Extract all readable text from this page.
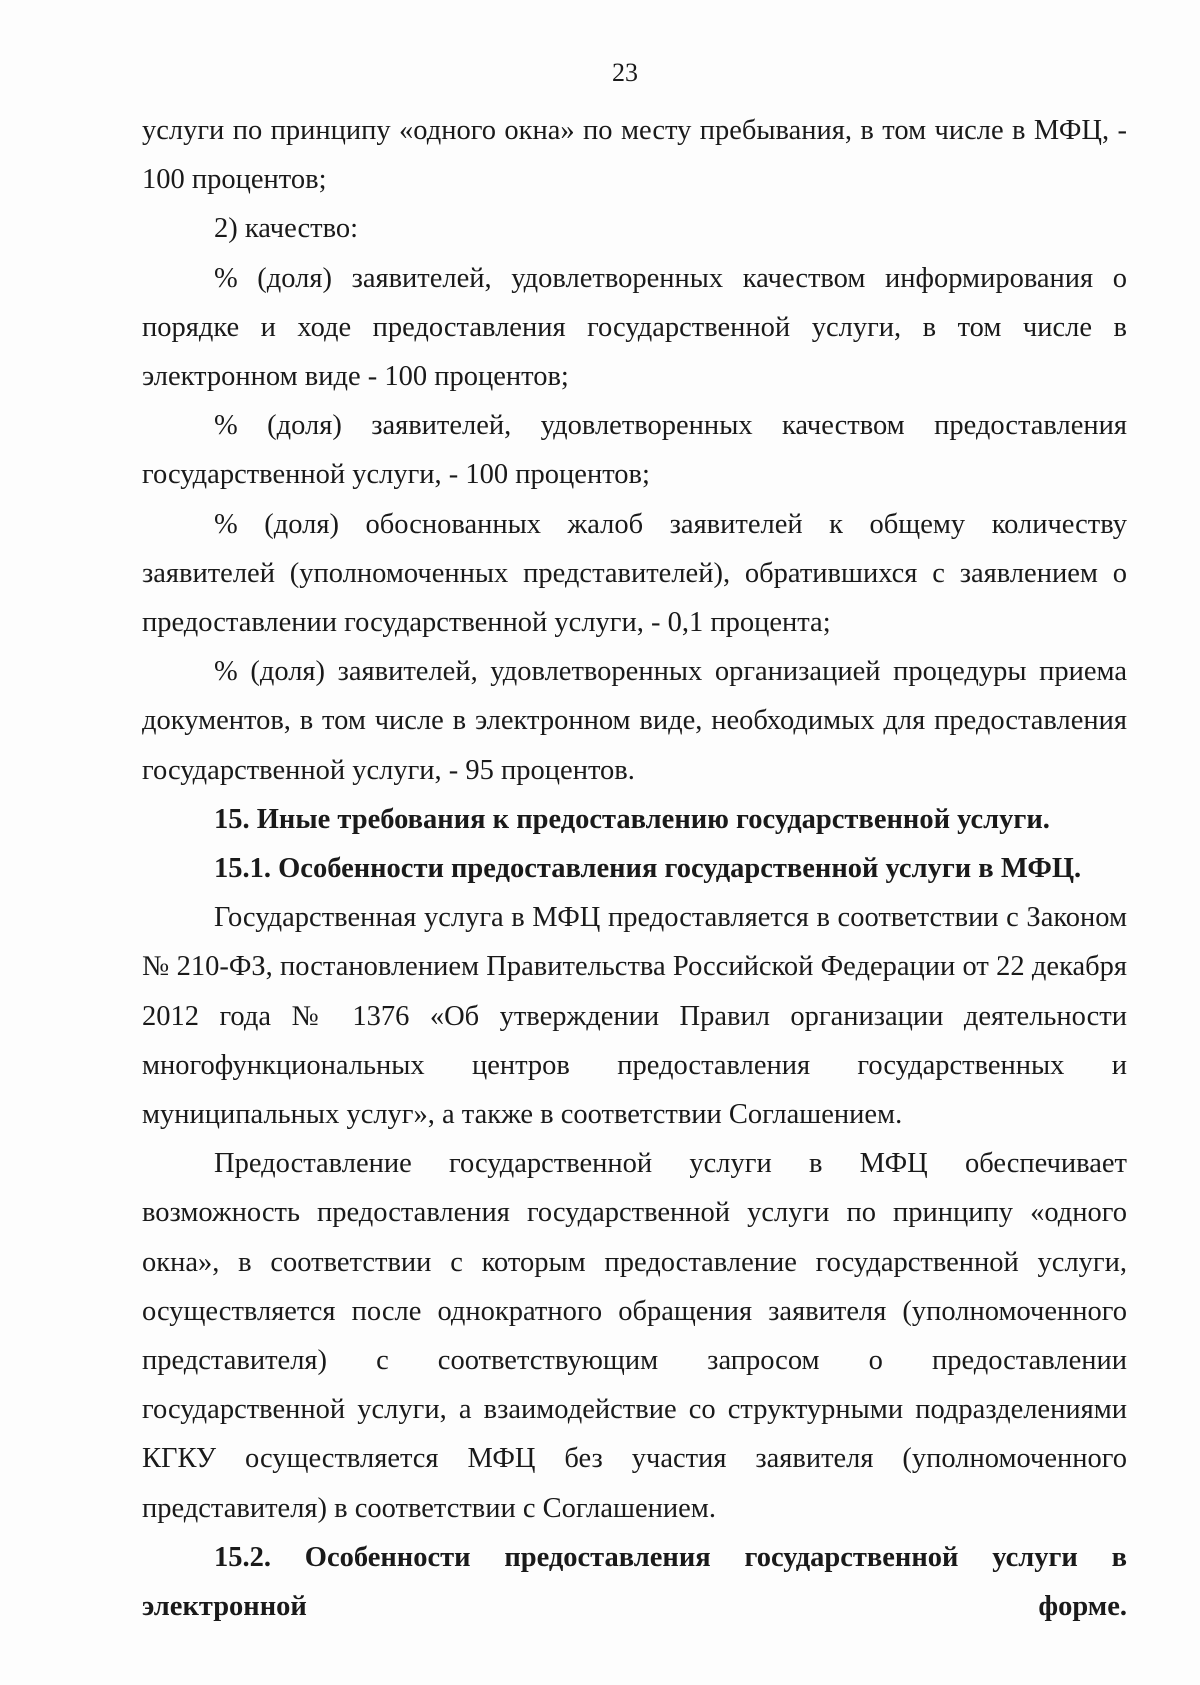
23

услуги по принципу «одного окна» по месту пребывания, в том числе в МФЦ, - 100 процентов;

2) качество:

% (доля) заявителей, удовлетворенных качеством информирования о порядке и ходе предоставления государственной услуги, в том числе в электронном виде - 100 процентов;

% (доля) заявителей, удовлетворенных качеством предоставления государственной услуги, - 100 процентов;

% (доля) обоснованных жалоб заявителей к общему количеству заявителей (уполномоченных представителей), обратившихся с заявлением о предоставлении государственной услуги, - 0,1 процента;

% (доля) заявителей, удовлетворенных организацией процедуры приема документов, в том числе в электронном виде, необходимых для предоставления государственной услуги, - 95 процентов.

15. Иные требования к предоставлению государственной услуги.

15.1. Особенности предоставления государственной услуги в МФЦ.

Государственная услуга в МФЦ предоставляется в соответствии с Законом № 210-ФЗ, постановлением Правительства Российской Федерации от 22 декабря 2012 года № 1376 «Об утверждении Правил организации деятельности многофункциональных центров предоставления государственных и муниципальных услуг», а также в соответствии Соглашением.

Предоставление государственной услуги в МФЦ обеспечивает возможность предоставления государственной услуги по принципу «одного окна», в соответствии с которым предоставление государственной услуги, осуществляется после однократного обращения заявителя (уполномоченного представителя) с соответствующим запросом о предоставлении государственной услуги, а взаимодействие со структурными подразделениями КГКУ осуществляется МФЦ без участия заявителя (уполномоченного представителя) в соответствии с Соглашением.

15.2. Особенности предоставления государственной услуги в электронной форме.
